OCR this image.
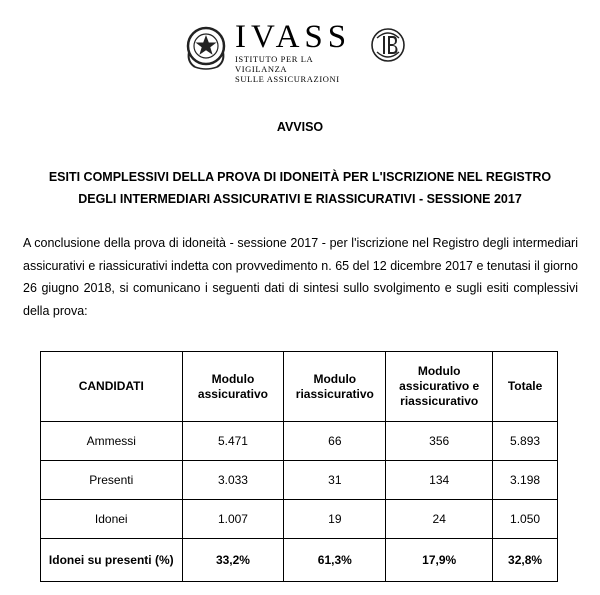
IVASS
ISTITUTO PER LA VIGILANZA
SULLE ASSICURAZIONI
AVVISO
ESITI COMPLESSIVI DELLA PROVA DI IDONEITÀ PER L'ISCRIZIONE NEL REGISTRO
DEGLI INTERMEDIARI ASSICURATIVI E RIASSICURATIVI - SESSIONE 2017
A conclusione della prova di idoneità - sessione 2017 - per l'iscrizione nel Registro degli intermediari assicurativi e riassicurativi indetta con provvedimento n. 65 del 12 dicembre 2017 e tenutasi il giorno 26 giugno 2018, si comunicano i seguenti dati di sintesi sullo svolgimento e sugli esiti complessivi della prova:
CANDIDATI	Modulo assicurativo	Modulo riassicurativo	Modulo assicurativo e riassicurativo	Totale
Ammessi	5.471	66	356	5.893
Presenti	3.033	31	134	3.198
Idonei	1.007	19	24	1.050
Idonei su presenti (%)	33,2%	61,3%	17,9%	32,8%
